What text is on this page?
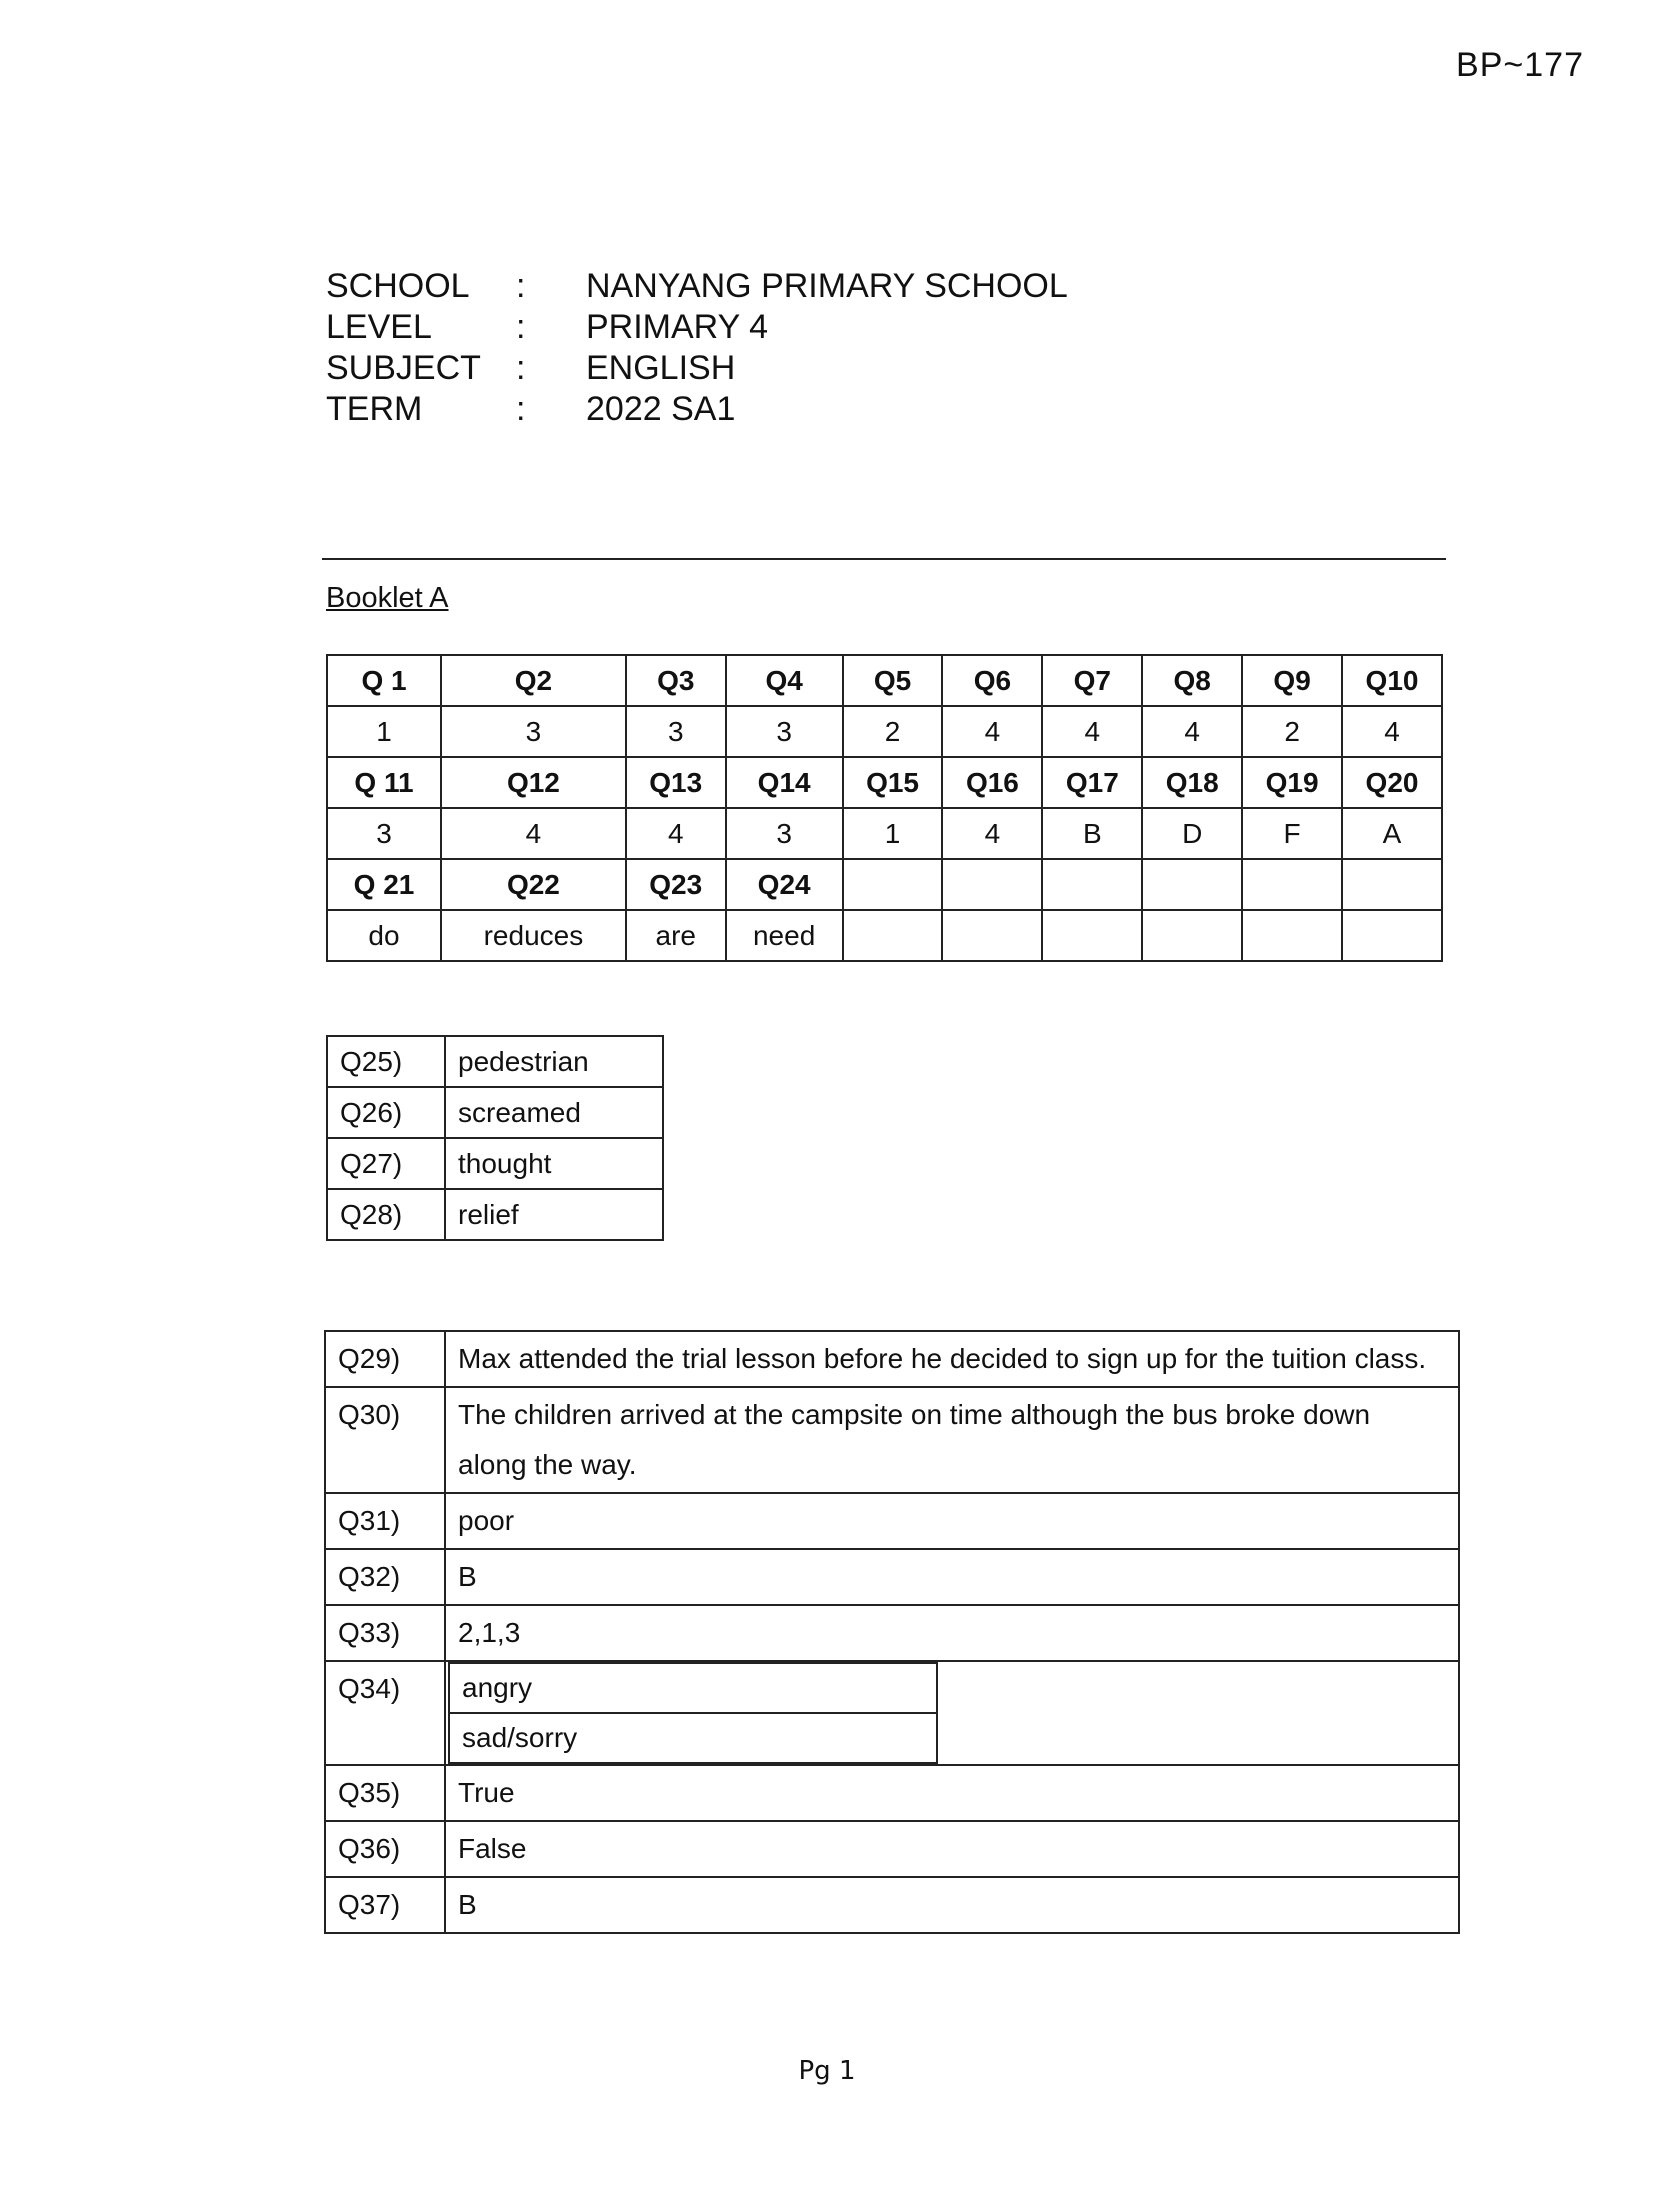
BP~177
SCHOOL	:	NANYANG PRIMARY SCHOOL
LEVEL	:	PRIMARY 4
SUBJECT	:	ENGLISH
TERM	:	2022 SA1
Booklet A
Q 1	Q2	Q3	Q4	Q5	Q6	Q7	Q8	Q9	Q10
1	3	3	3	2	4	4	4	2	4
Q 11	Q12	Q13	Q14	Q15	Q16	Q17	Q18	Q19	Q20
3	4	4	3	1	4	B	D	F	A
Q 21	Q22	Q23	Q24						
do	reduces	are	need						
Q25)	pedestrian
Q26)	screamed
Q27)	thought
Q28)	relief
Q29)	Max attended the trial lesson before he decided to sign up for the tuition class.
Q30)	The children arrived at the campsite on time although the bus broke down along the way.
Q31)	poor
Q32)	B
Q33)	2,1,3
Q34)	angry
sad/sorry

Q35)	True
Q36)	False
Q37)	B
Pg 1
